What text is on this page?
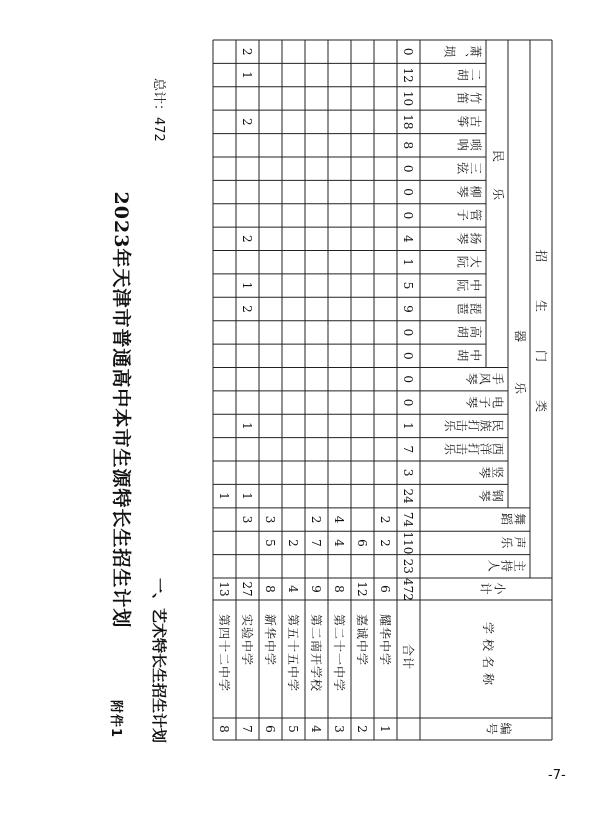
附件1
2023年天津市普通高中本市生源特长生招生计划
一、艺术特长生招生计划
总计：472
主持人
声乐
舞蹈
钢琴
竖琴
西洋打击乐
民族打击乐
电子琴
手风琴
中胡
高胡
琵琶
中阮
大阮
扬琴
管子
柳琴
三弦
唢呐
古筝
竹笛
二胡
萧、埙
合计
472
23
110
74
24
3
7
1
0
0
0
0
9
5
1
4
0
0
0
8
18
10
12
0
1
耀华中学
6
2
2
2
嘉诚中学
12
6
3
第二十一中学
8
4
4
4
第二南开学校
9
7
2
5
第五十五中学
4
2
6
新华中学
8
5
3
7
实验中学
27
3
1
1
2
1
2
2
1
2
8
第四十二中学
13
1
编号
学校名称
小计
招生门类
器乐
民乐
-7-
